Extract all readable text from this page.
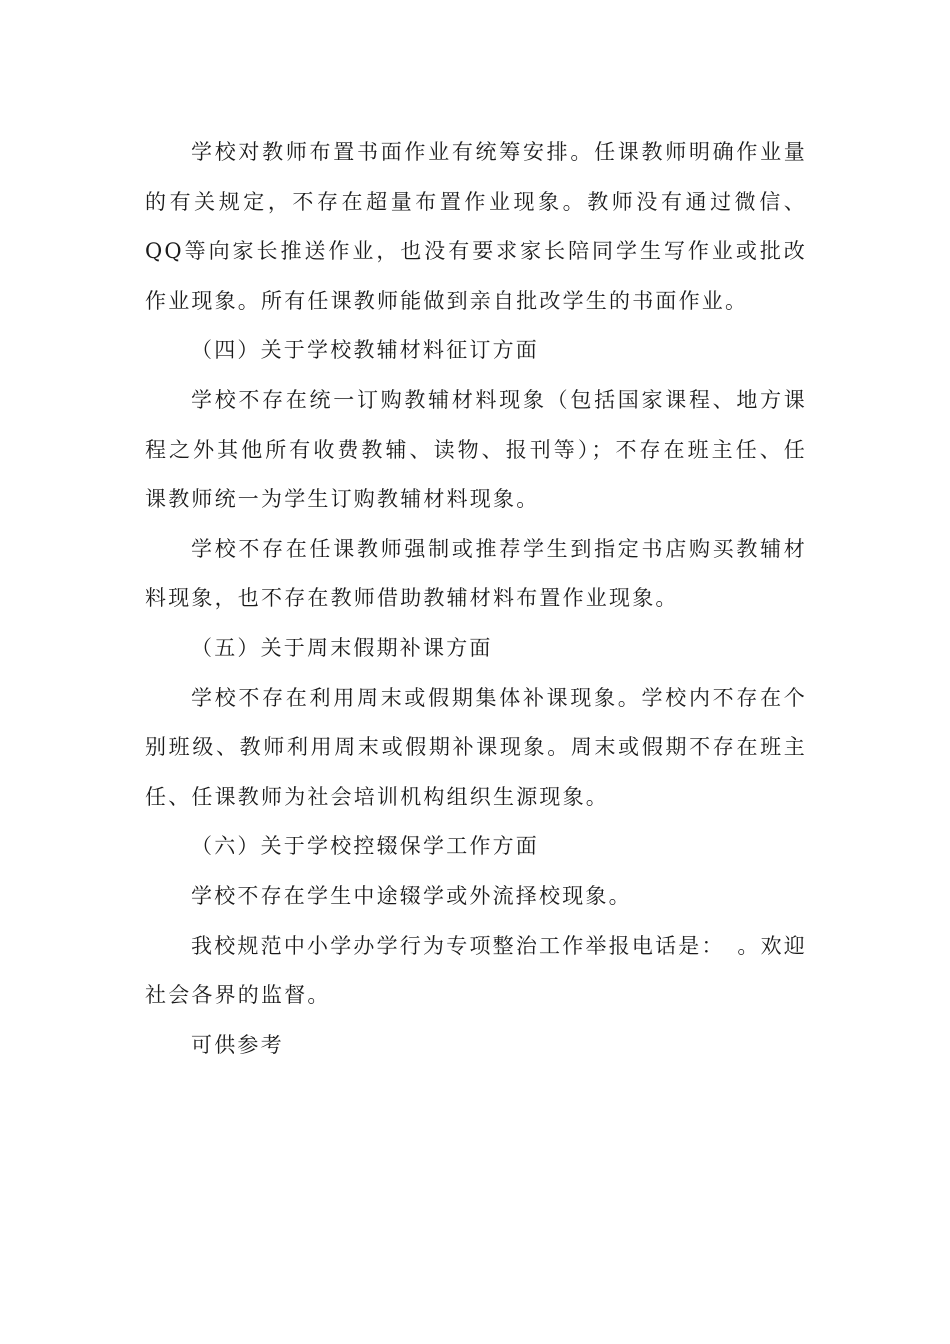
学校对教师布置书面作业有统筹安排。任课教师明确作业量的有关规定，不存在超量布置作业现象。教师没有通过微信、QQ等向家长推送作业，也没有要求家长陪同学生写作业或批改作业现象。所有任课教师能做到亲自批改学生的书面作业。

（四）关于学校教辅材料征订方面

学校不存在统一订购教辅材料现象（包括国家课程、地方课程之外其他所有收费教辅、读物、报刊等）；不存在班主任、任课教师统一为学生订购教辅材料现象。

学校不存在任课教师强制或推荐学生到指定书店购买教辅材料现象，也不存在教师借助教辅材料布置作业现象。

（五）关于周末假期补课方面

学校不存在利用周末或假期集体补课现象。学校内不存在个别班级、教师利用周末或假期补课现象。周末或假期不存在班主任、任课教师为社会培训机构组织生源现象。

（六）关于学校控辍保学工作方面

学校不存在学生中途辍学或外流择校现象。

我校规范中小学办学行为专项整治工作举报电话是：　。欢迎社会各界的监督。

可供参考
